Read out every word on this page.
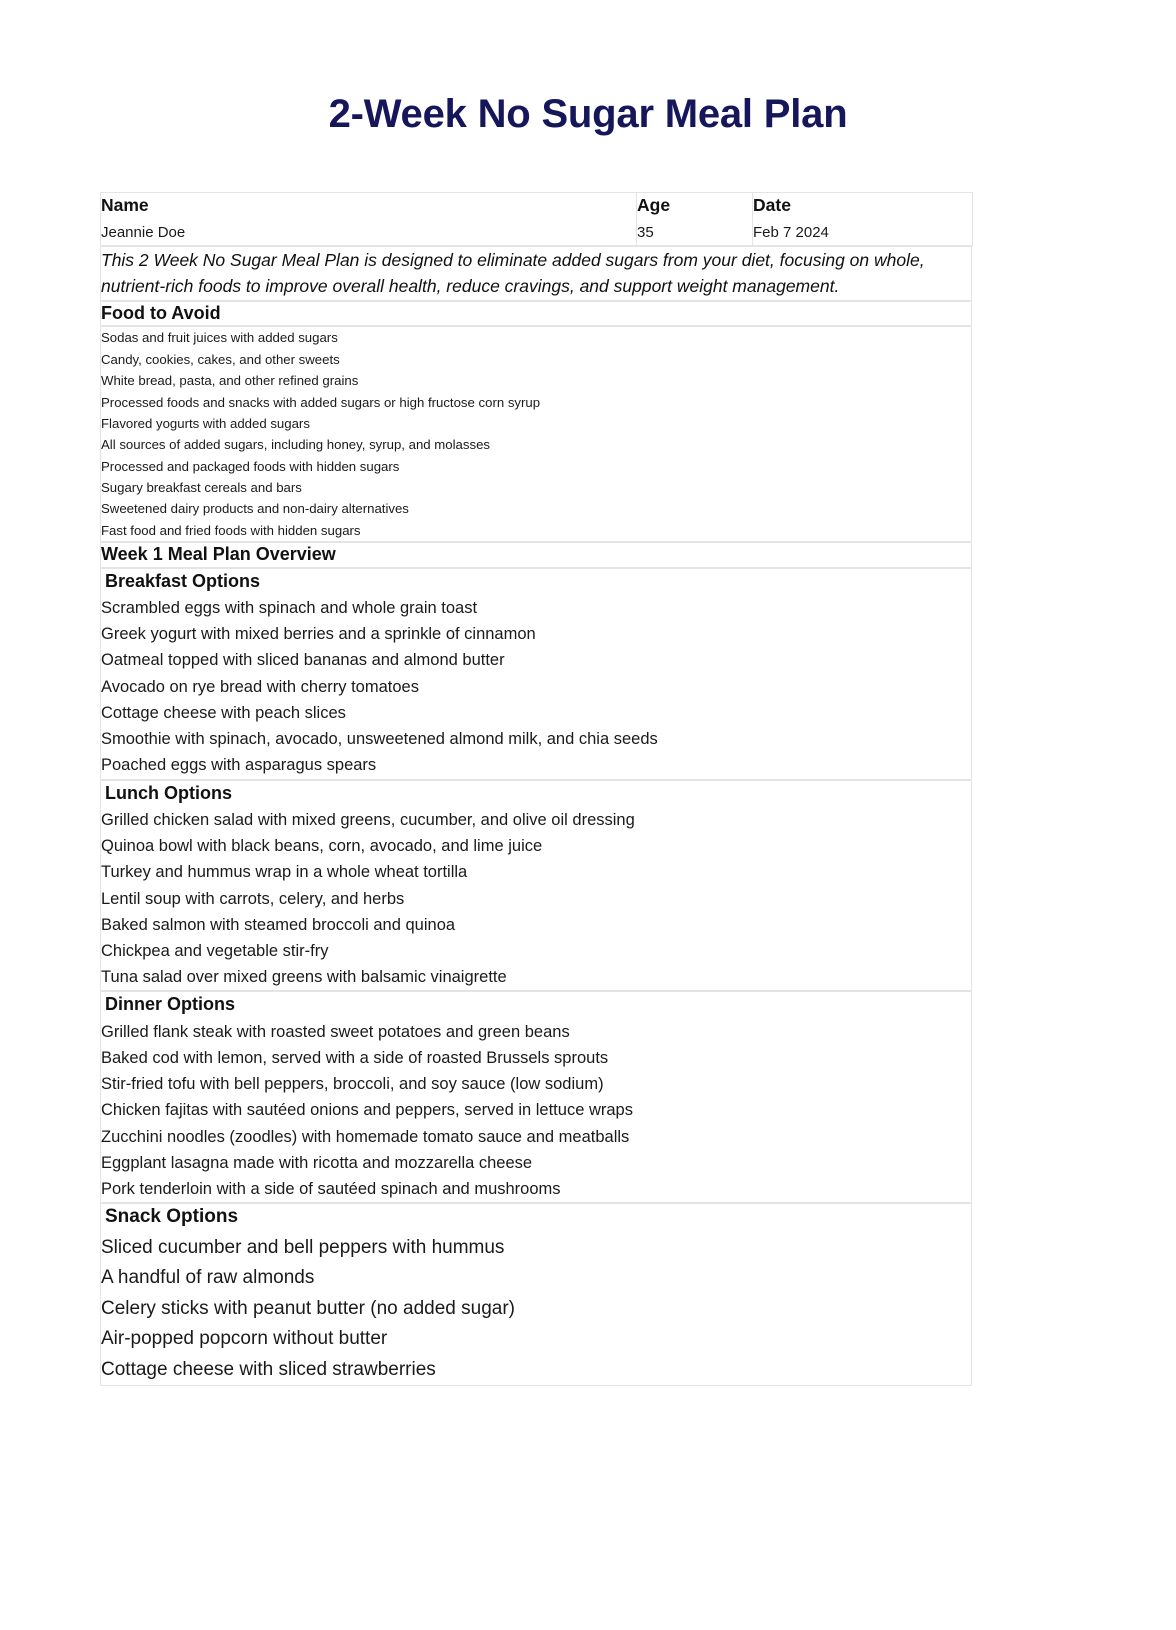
2-Week No Sugar Meal Plan
Name
Jeannie Doe

Age
35

Date
Feb 7 2024

This 2 Week No Sugar Meal Plan is designed to eliminate added sugars from your diet, focusing on whole, nutrient-rich foods to improve overall health, reduce cravings, and support weight management.

Food to Avoid
Sodas and fruit juices with added sugars
Candy, cookies, cakes, and other sweets
White bread, pasta, and other refined grains
Processed foods and snacks with added sugars or high fructose corn syrup
Flavored yogurts with added sugars
All sources of added sugars, including honey, syrup, and molasses
Processed and packaged foods with hidden sugars
Sugary breakfast cereals and bars
Sweetened dairy products and non-dairy alternatives
Fast food and fried foods with hidden sugars
Week 1 Meal Plan Overview
Breakfast Options
Scrambled eggs with spinach and whole grain toast
Greek yogurt with mixed berries and a sprinkle of cinnamon
Oatmeal topped with sliced bananas and almond butter
Avocado on rye bread with cherry tomatoes
Cottage cheese with peach slices
Smoothie with spinach, avocado, unsweetened almond milk, and chia seeds
Poached eggs with asparagus spears
Lunch Options
Grilled chicken salad with mixed greens, cucumber, and olive oil dressing
Quinoa bowl with black beans, corn, avocado, and lime juice
Turkey and hummus wrap in a whole wheat tortilla
Lentil soup with carrots, celery, and herbs
Baked salmon with steamed broccoli and quinoa
Chickpea and vegetable stir-fry
Tuna salad over mixed greens with balsamic vinaigrette
Dinner Options
Grilled flank steak with roasted sweet potatoes and green beans
Baked cod with lemon, served with a side of roasted Brussels sprouts
Stir-fried tofu with bell peppers, broccoli, and soy sauce (low sodium)
Chicken fajitas with sautéed onions and peppers, served in lettuce wraps
Zucchini noodles (zoodles) with homemade tomato sauce and meatballs
Eggplant lasagna made with ricotta and mozzarella cheese
Pork tenderloin with a side of sautéed spinach and mushrooms
Snack Options
Sliced cucumber and bell peppers with hummus
A handful of raw almonds
Celery sticks with peanut butter (no added sugar)
Air-popped popcorn without butter
Cottage cheese with sliced strawberries
